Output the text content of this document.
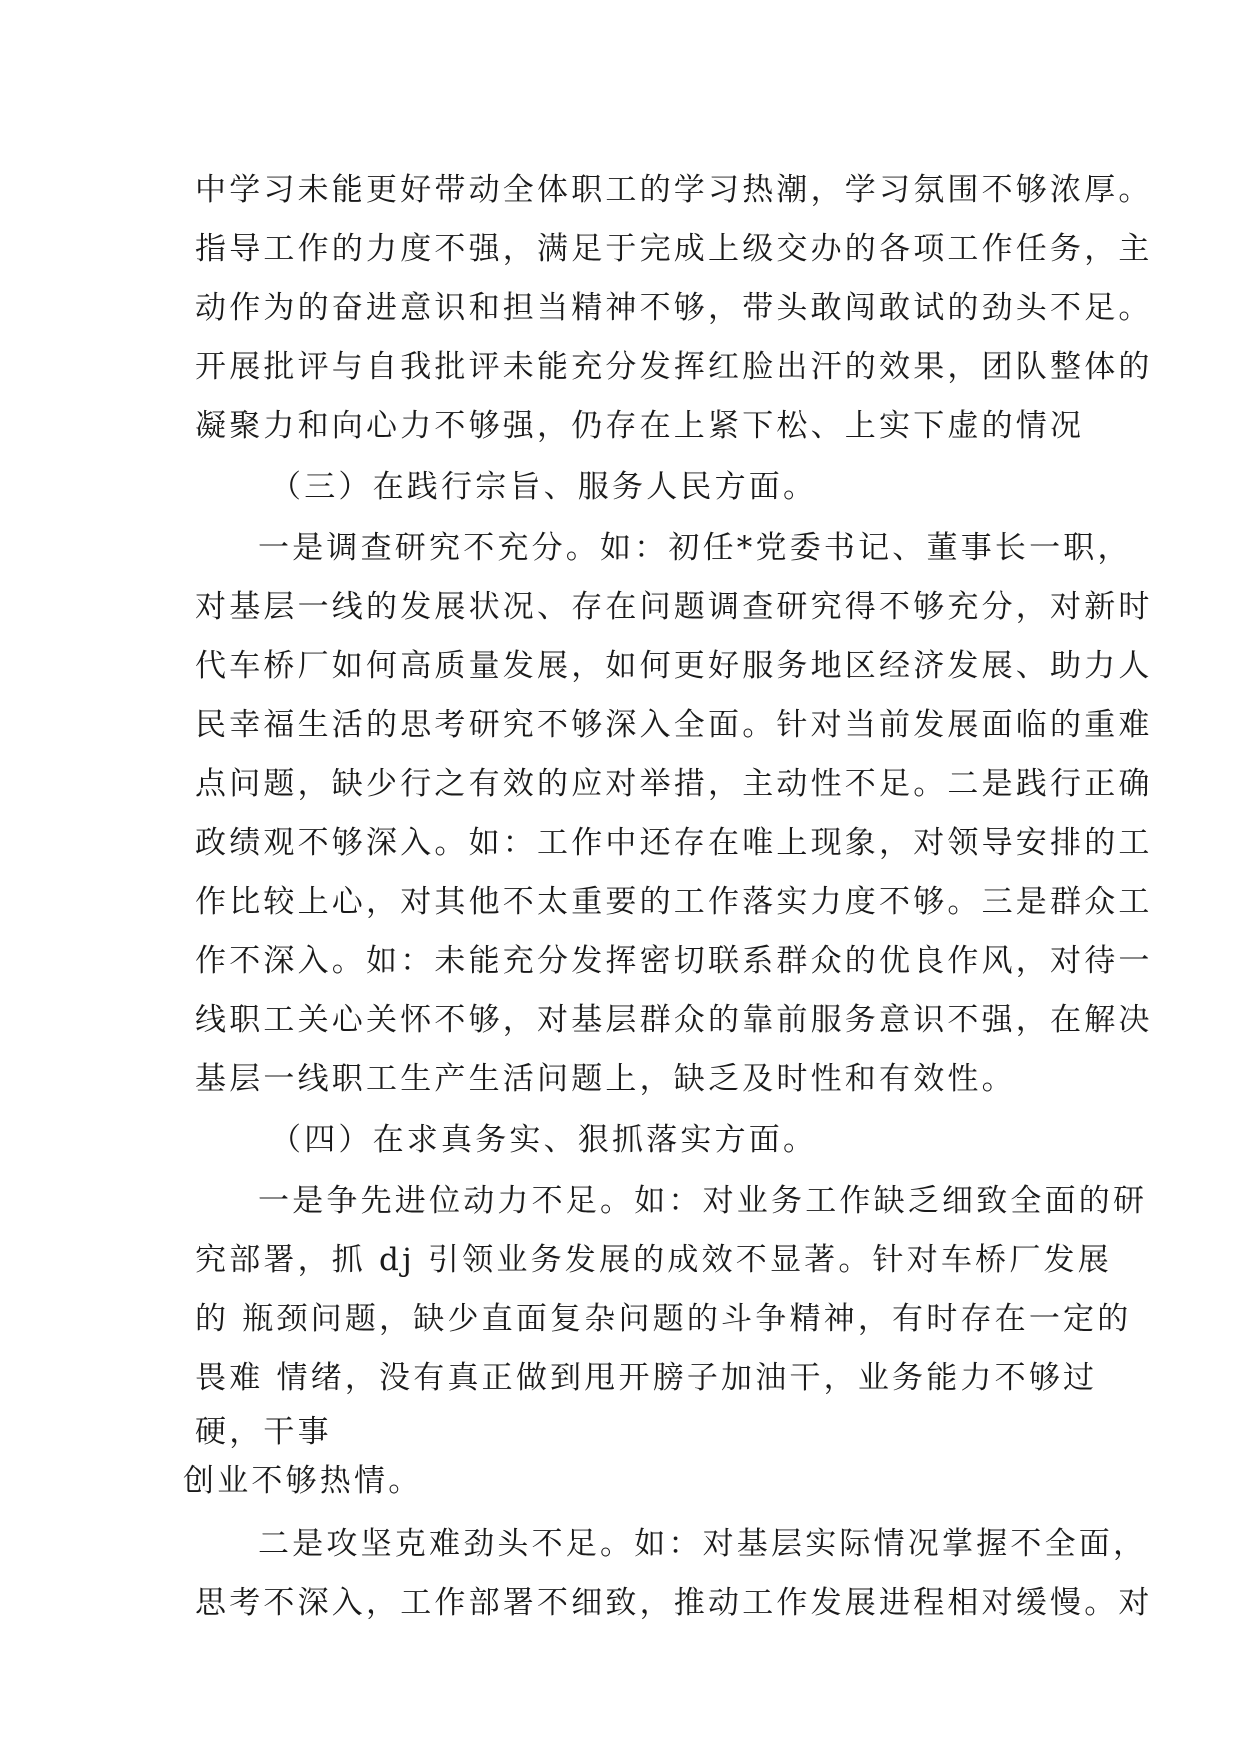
中学习未能更好带动全体职工的学习热潮，学习氛围不够浓厚。
指导工作的力度不强，满足于完成上级交办的各项工作任务，主
动作为的奋进意识和担当精神不够，带头敢闯敢试的劲头不足。
开展批评与自我批评未能充分发挥红脸出汗的效果，团队整体的
凝聚力和向心力不够强，仍存在上紧下松、上实下虚的情况
（三）在践行宗旨、服务人民方面。
一是调查研究不充分。如：初任*党委书记、董事长一职，
对基层一线的发展状况、存在问题调查研究得不够充分，对新时
代车桥厂如何高质量发展，如何更好服务地区经济发展、助力人
民幸福生活的思考研究不够深入全面。针对当前发展面临的重难
点问题，缺少行之有效的应对举措，主动性不足。二是践行正确
政绩观不够深入。如：工作中还存在唯上现象，对领导安排的工
作比较上心，对其他不太重要的工作落实力度不够。三是群众工
作不深入。如：未能充分发挥密切联系群众的优良作风，对待一
线职工关心关怀不够，对基层群众的靠前服务意识不强，在解决
基层一线职工生产生活问题上，缺乏及时性和有效性。
（四）在求真务实、狠抓落实方面。
一是争先进位动力不足。如：对业务工作缺乏细致全面的研
究部署，抓 dj 引领业务发展的成效不显著。针对车桥厂发展
的 瓶颈问题，缺少直面复杂问题的斗争精神，有时存在一定的
畏难 情绪，没有真正做到甩开膀子加油干，业务能力不够过
硬，干事
创业不够热情。
二是攻坚克难劲头不足。如：对基层实际情况掌握不全面，
思考不深入，工作部署不细致，推动工作发展进程相对缓慢。对
